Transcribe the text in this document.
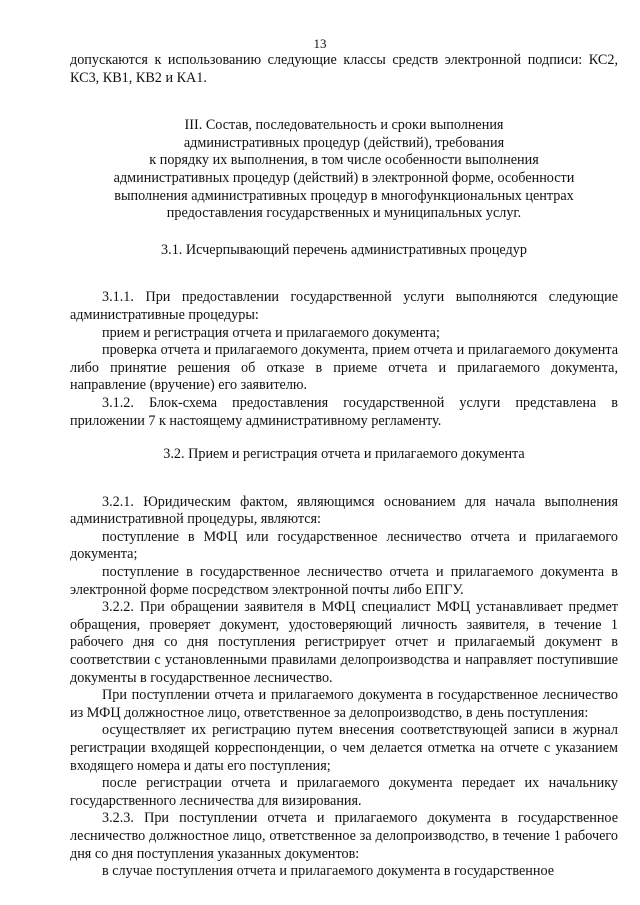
13

допускаются к использованию следующие классы средств электронной подписи: КС2, КС3, КВ1, КВ2 и КА1.

III. Состав, последовательность и сроки выполнения

административных процедур (действий), требования

к порядку их выполнения, в том числе особенности выполнения

административных процедур (действий) в электронной форме, особенности

выполнения административных процедур в многофункциональных центрах

предоставления государственных и муниципальных услуг.

3.1. Исчерпывающий перечень административных процедур

3.1.1. При предоставлении государственной услуги выполняются следующие административные процедуры:

прием и регистрация отчета и прилагаемого документа;

проверка отчета и прилагаемого документа, прием отчета и прилагаемого документа либо принятие решения об отказе в приеме отчета и прилагаемого документа, направление (вручение) его заявителю.

3.1.2. Блок-схема предоставления государственной услуги представлена в приложении 7 к настоящему административному регламенту.

3.2. Прием и регистрация отчета и прилагаемого документа

3.2.1. Юридическим фактом, являющимся основанием для начала выполнения административной процедуры, являются:

поступление в МФЦ или государственное лесничество отчета и прилагаемого документа;

поступление в государственное лесничество отчета и прилагаемого документа в электронной форме посредством электронной почты либо ЕПГУ.

3.2.2. При обращении заявителя в МФЦ специалист МФЦ устанавливает предмет обращения, проверяет документ, удостоверяющий личность заявителя, в течение 1 рабочего дня со дня поступления регистрирует отчет и прилагаемый документ в соответствии с установленными правилами делопроизводства и направляет поступившие документы в государственное лесничество.

При поступлении отчета и прилагаемого документа в государственное лесничество из МФЦ должностное лицо, ответственное за делопроизводство, в день поступления:

осуществляет их регистрацию путем внесения соответствующей записи в журнал регистрации входящей корреспонденции, о чем делается отметка на отчете с указанием входящего номера и даты его поступления;

после регистрации отчета и прилагаемого документа передает их начальнику государственного лесничества для визирования.

3.2.3. При поступлении отчета и прилагаемого документа в государственное лесничество должностное лицо, ответственное за делопроизводство, в течение 1 рабочего дня со дня поступления указанных документов:

в случае поступления отчета и прилагаемого документа в государственное
